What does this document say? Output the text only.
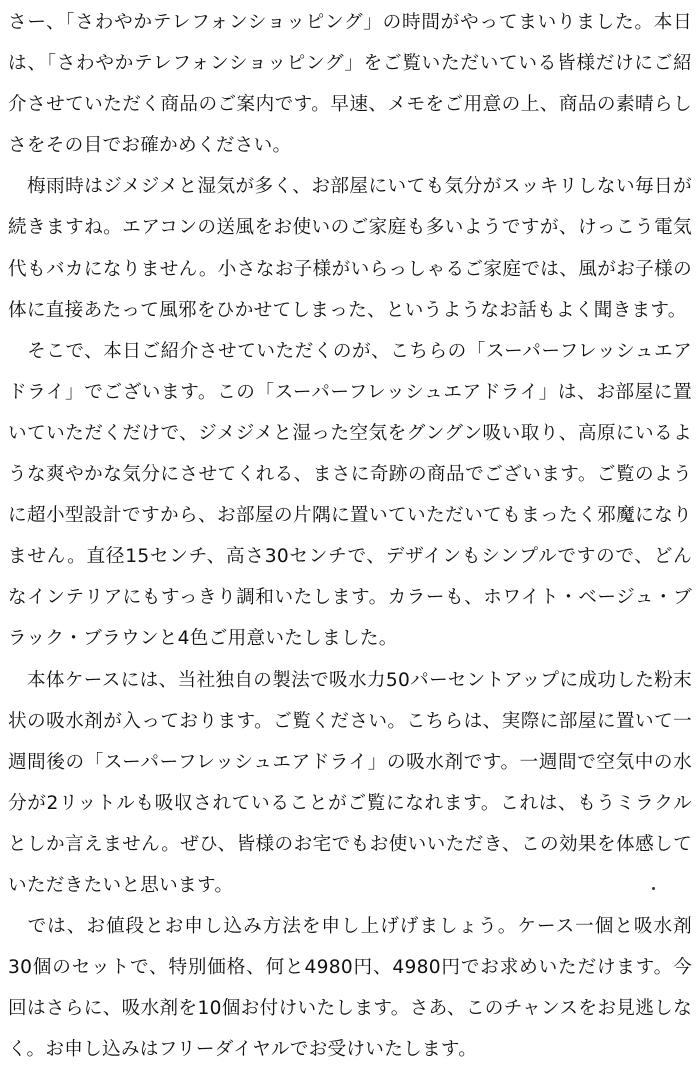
さー、「さわやかテレフォンショッピング」の時間がやってまいりました。本日は、「さわやかテレフォンショッピング」をご覧いただいている皆様だけにご紹介させていただく商品のご案内です。早速、メモをご用意の上、商品の素晴らしさをその目でお確かめください。

　梅雨時はジメジメと湿気が多く、お部屋にいても気分がスッキリしない毎日が続きますね。エアコンの送風をお使いのご家庭も多いようですが、けっこう電気代もバカになりません。小さなお子様がいらっしゃるご家庭では、風がお子様の体に直接あたって風邪をひかせてしまった、というようなお話もよく聞きます。

　そこで、本日ご紹介させていただくのが、こちらの「スーパーフレッシュエアドライ」でございます。この「スーパーフレッシュエアドライ」は、お部屋に置いていただくだけで、ジメジメと湿った空気をグングン吸い取り、高原にいるような爽やかな気分にさせてくれる、まさに奇跡の商品でございます。ご覧のように超小型設計ですから、お部屋の片隅に置いていただいてもまったく邪魔になりません。直径15センチ、高さ30センチで、デザインもシンプルですので、どんなインテリアにもすっきり調和いたします。カラーも、ホワイト・ベージュ・ブラック・ブラウンと4色ご用意いたしました。

　本体ケースには、当社独自の製法で吸水力50パーセントアップに成功した粉末状の吸水剤が入っております。ご覧ください。こちらは、実際に部屋に置いて一週間後の「スーパーフレッシュエアドライ」の吸水剤です。一週間で空気中の水分が2リットルも吸収されていることがご覧になれます。これは、もうミラクルとしか言えません。ぜひ、皆様のお宅でもお使いいただき、この効果を体感していただきたいと思います。

　では、お値段とお申し込み方法を申し上げげましょう。ケース一個と吸水剤30個のセットで、特別価格、何と4980円、4980円でお求めいただけます。今回はさらに、吸水剤を10個お付けいたします。さあ、このチャンスをお見逃しなく。お申し込みはフリーダイヤルでお受けいたします。
